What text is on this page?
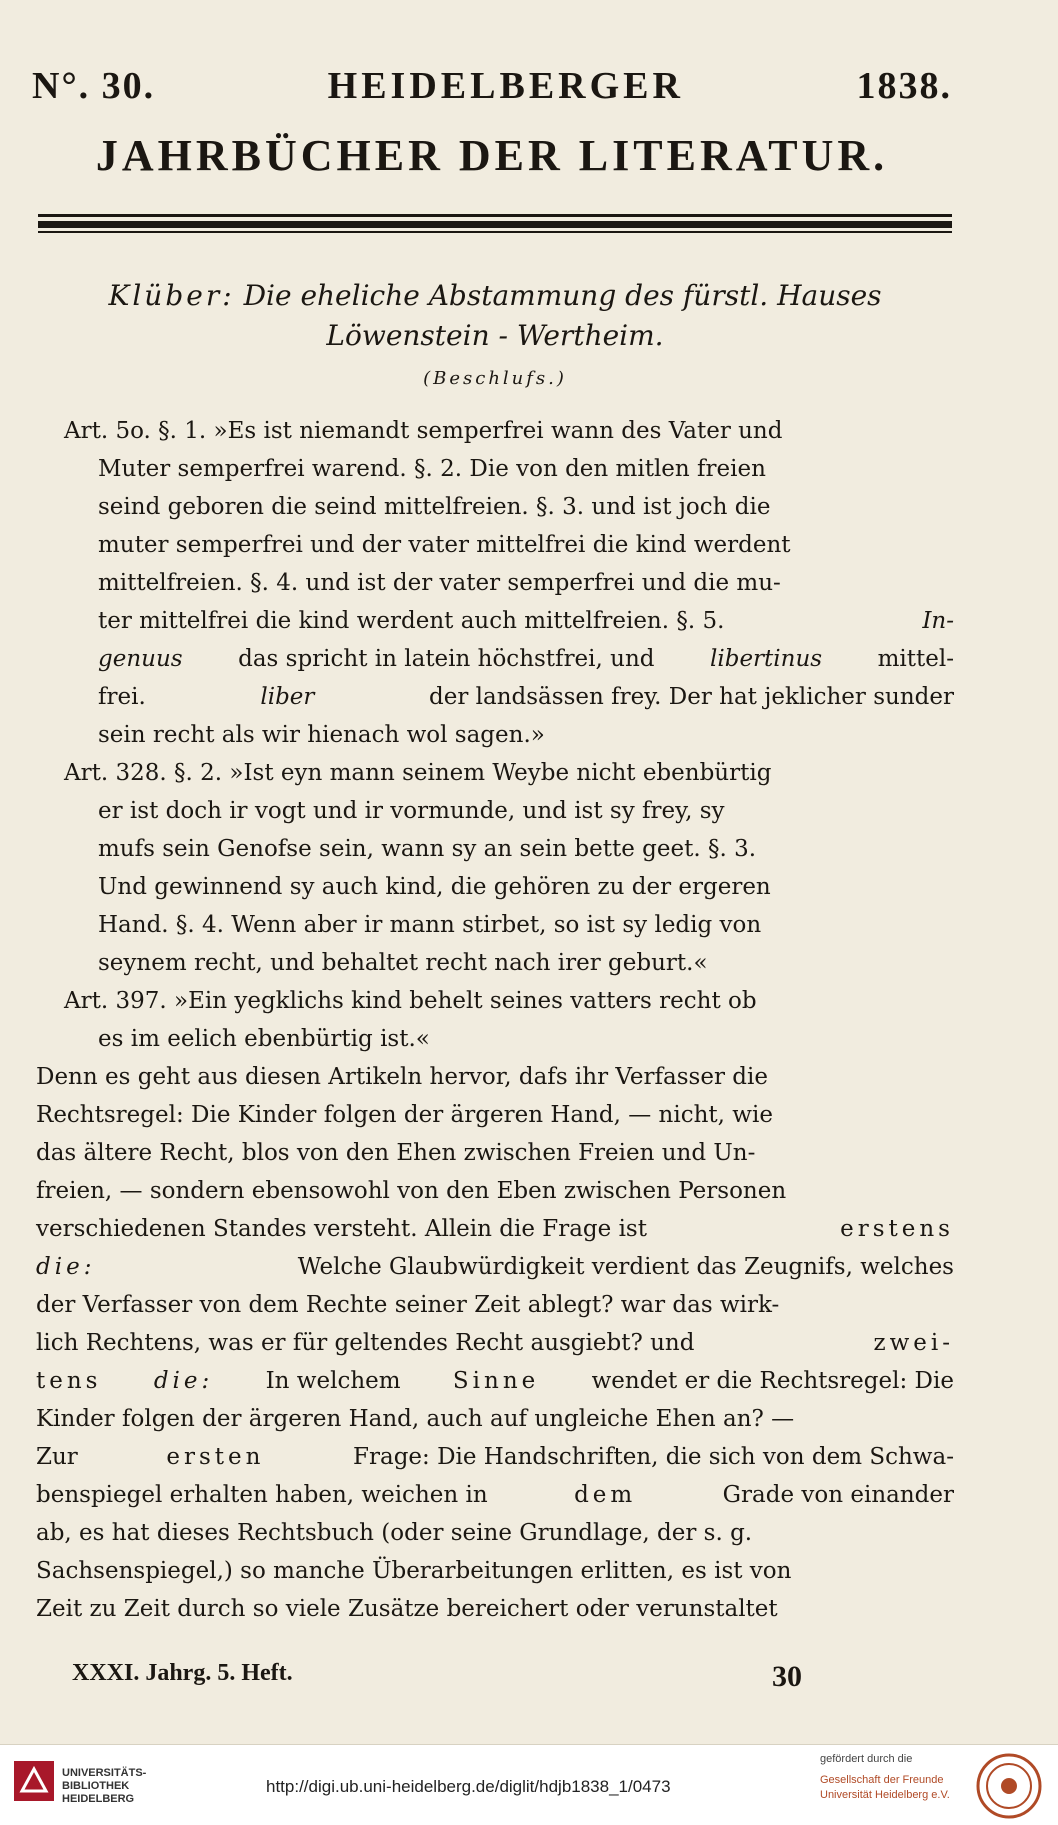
N°. 30.	HEIDELBERGER	1838.
JAHRBÜCHER DER LITERATUR.
Klüber: Die eheliche Abstammung des fürstl. Hauses
Löwenstein - Wertheim.
(Beschlufs.)
Art. 5o. §. 1. »Es ist niemandt semperfrei wann des Vater und
Muter semperfrei warend. §. 2. Die von den mitlen freien
seind geboren die seind mittelfreien. §. 3. und ist joch die
muter semperfrei und der vater mittelfrei die kind werdent
mittelfreien. §. 4. und ist der vater semperfrei und die mu-
ter mittelfrei die kind werdent auch mittelfreien. §. 5.	In-
genuus das spricht in latein höchstfrei, und libertinus mittel-
frei.	liber	der landsässen frey. Der hat jeklicher sunder
sein recht als wir hienach wol sagen.»
Art. 328. §. 2. »Ist eyn mann seinem Weybe nicht ebenbürtig
er ist doch ir vogt und ir vormunde, und ist sy frey, sy
mufs sein Genofse sein, wann sy an sein bette geet. §. 3.
Und gewinnend sy auch kind, die gehören zu der ergeren
Hand. §. 4. Wenn aber ir mann stirbet, so ist sy ledig von
seynem recht, und behaltet recht nach irer geburt.«
Art. 397. »Ein yegklichs kind behelt seines vatters recht ob
es im eelich ebenbürtig ist.«
Denn es geht aus diesen Artikeln hervor, dafs ihr Verfasser die
Rechtsregel: Die Kinder folgen der ärgeren Hand, — nicht, wie
das ältere Recht, blos von den Ehen zwischen Freien und Un-
freien, — sondern ebensowohl von den Eben zwischen Personen
verschiedenen Standes versteht. Allein die Frage ist	erstens
die:	Welche Glaubwürdigkeit verdient das Zeugnifs, welches
der Verfasser von dem Rechte seiner Zeit ablegt? war das wirk-
lich Rechtens, was er für geltendes Recht ausgiebt? und	zwei-
tens die: In welchem Sinne wendet er die Rechtsregel: Die
Kinder folgen der ärgeren Hand, auch auf ungleiche Ehen an? —
Zur	ersten	Frage: Die Handschriften, die sich von dem Schwa-
benspiegel erhalten haben, weichen in	dem	Grade von einander
ab, es hat dieses Rechtsbuch (oder seine Grundlage, der s. g.
Sachsenspiegel,) so manche Überarbeitungen erlitten, es ist von
Zeit zu Zeit durch so viele Zusätze bereichert oder verunstaltet
XXXI. Jahrg. 5. Heft.	30
UNIVERSITÄTS-
BIBLIOTHEK
HEIDELBERG
http://digi.ub.uni-heidelberg.de/diglit/hdjb1838_1/0473
gefördert durch die
Gesellschaft der Freunde
Universität Heidelberg e.V.
